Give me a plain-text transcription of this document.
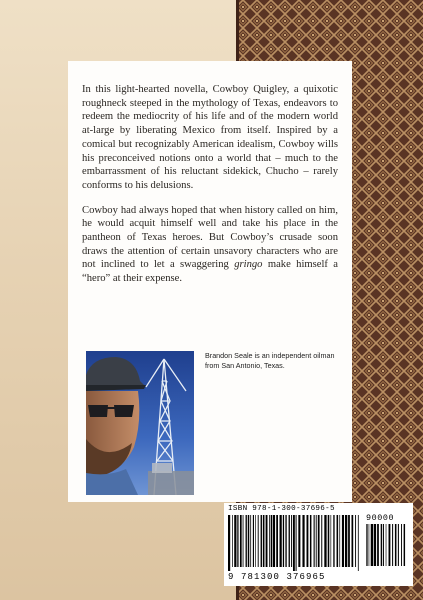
In this light-hearted novella, Cowboy Quigley, a quixotic roughneck steeped in the mythology of Texas, endeavors to redeem the mediocrity of his life and of the modern world at-large by liberating Mexico from itself. Inspired by a comical but recognizably American idealism, Cowboy wills his preconceived notions onto a world that – much to the embarrassment of his reluctant sidekick, Chucho – rarely conforms to his delusions.

Cowboy had always hoped that when history called on him, he would acquit himself well and take his place in the pantheon of Texas heroes. But Cowboy’s crusade soon draws the attention of certain unsavory characters who are not inclined to let a swaggering gringo make himself a “hero” at their expense.

Brandon Seale is an independent oilman from San Antonio, Texas.
ISBN 978-1-300-37696-5
90000
9 781300 376965
